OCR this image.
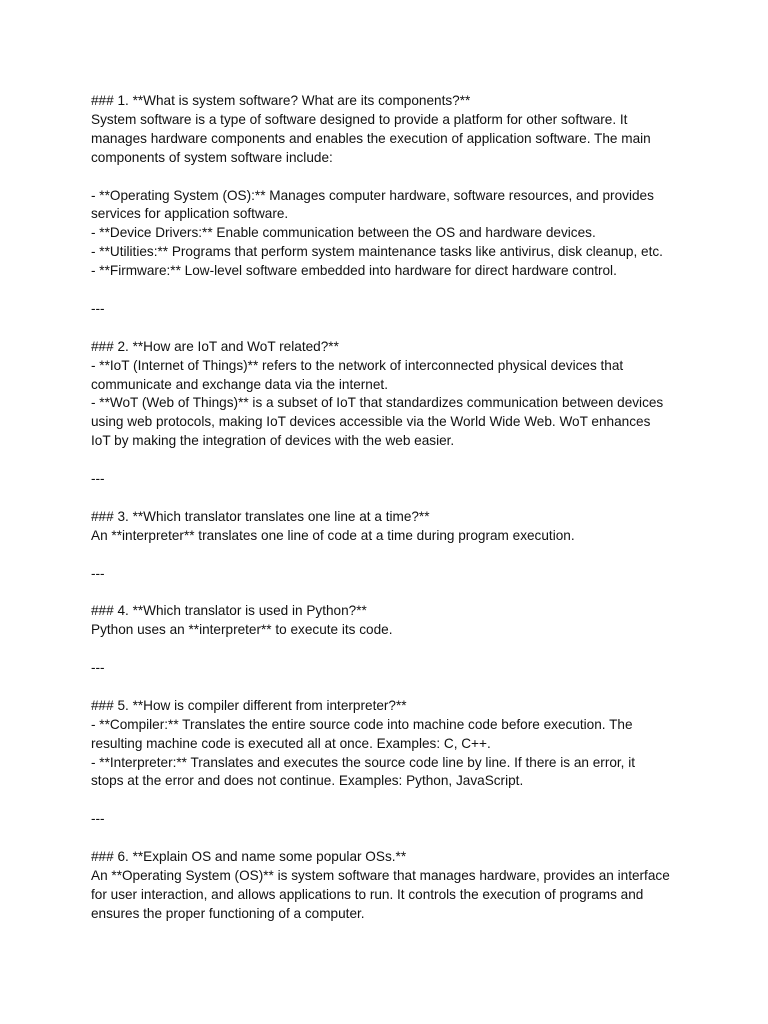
### 1. **What is system software? What are its components?**

System software is a type of software designed to provide a platform for other software. It

manages hardware components and enables the execution of application software. The main

components of system software include:

- **Operating System (OS):** Manages computer hardware, software resources, and provides

services for application software.

- **Device Drivers:** Enable communication between the OS and hardware devices.

- **Utilities:** Programs that perform system maintenance tasks like antivirus, disk cleanup, etc.

- **Firmware:** Low-level software embedded into hardware for direct hardware control.

---

### 2. **How are IoT and WoT related?**

- **IoT (Internet of Things)** refers to the network of interconnected physical devices that

communicate and exchange data via the internet.

- **WoT (Web of Things)** is a subset of IoT that standardizes communication between devices

using web protocols, making IoT devices accessible via the World Wide Web. WoT enhances

IoT by making the integration of devices with the web easier.

---

### 3. **Which translator translates one line at a time?**

An **interpreter** translates one line of code at a time during program execution.

---

### 4. **Which translator is used in Python?**

Python uses an **interpreter** to execute its code.

---

### 5. **How is compiler different from interpreter?**

- **Compiler:** Translates the entire source code into machine code before execution. The

resulting machine code is executed all at once. Examples: C, C++.

- **Interpreter:** Translates and executes the source code line by line. If there is an error, it

stops at the error and does not continue. Examples: Python, JavaScript.

---

### 6. **Explain OS and name some popular OSs.**

An **Operating System (OS)** is system software that manages hardware, provides an interface

for user interaction, and allows applications to run. It controls the execution of programs and

ensures the proper functioning of a computer.
